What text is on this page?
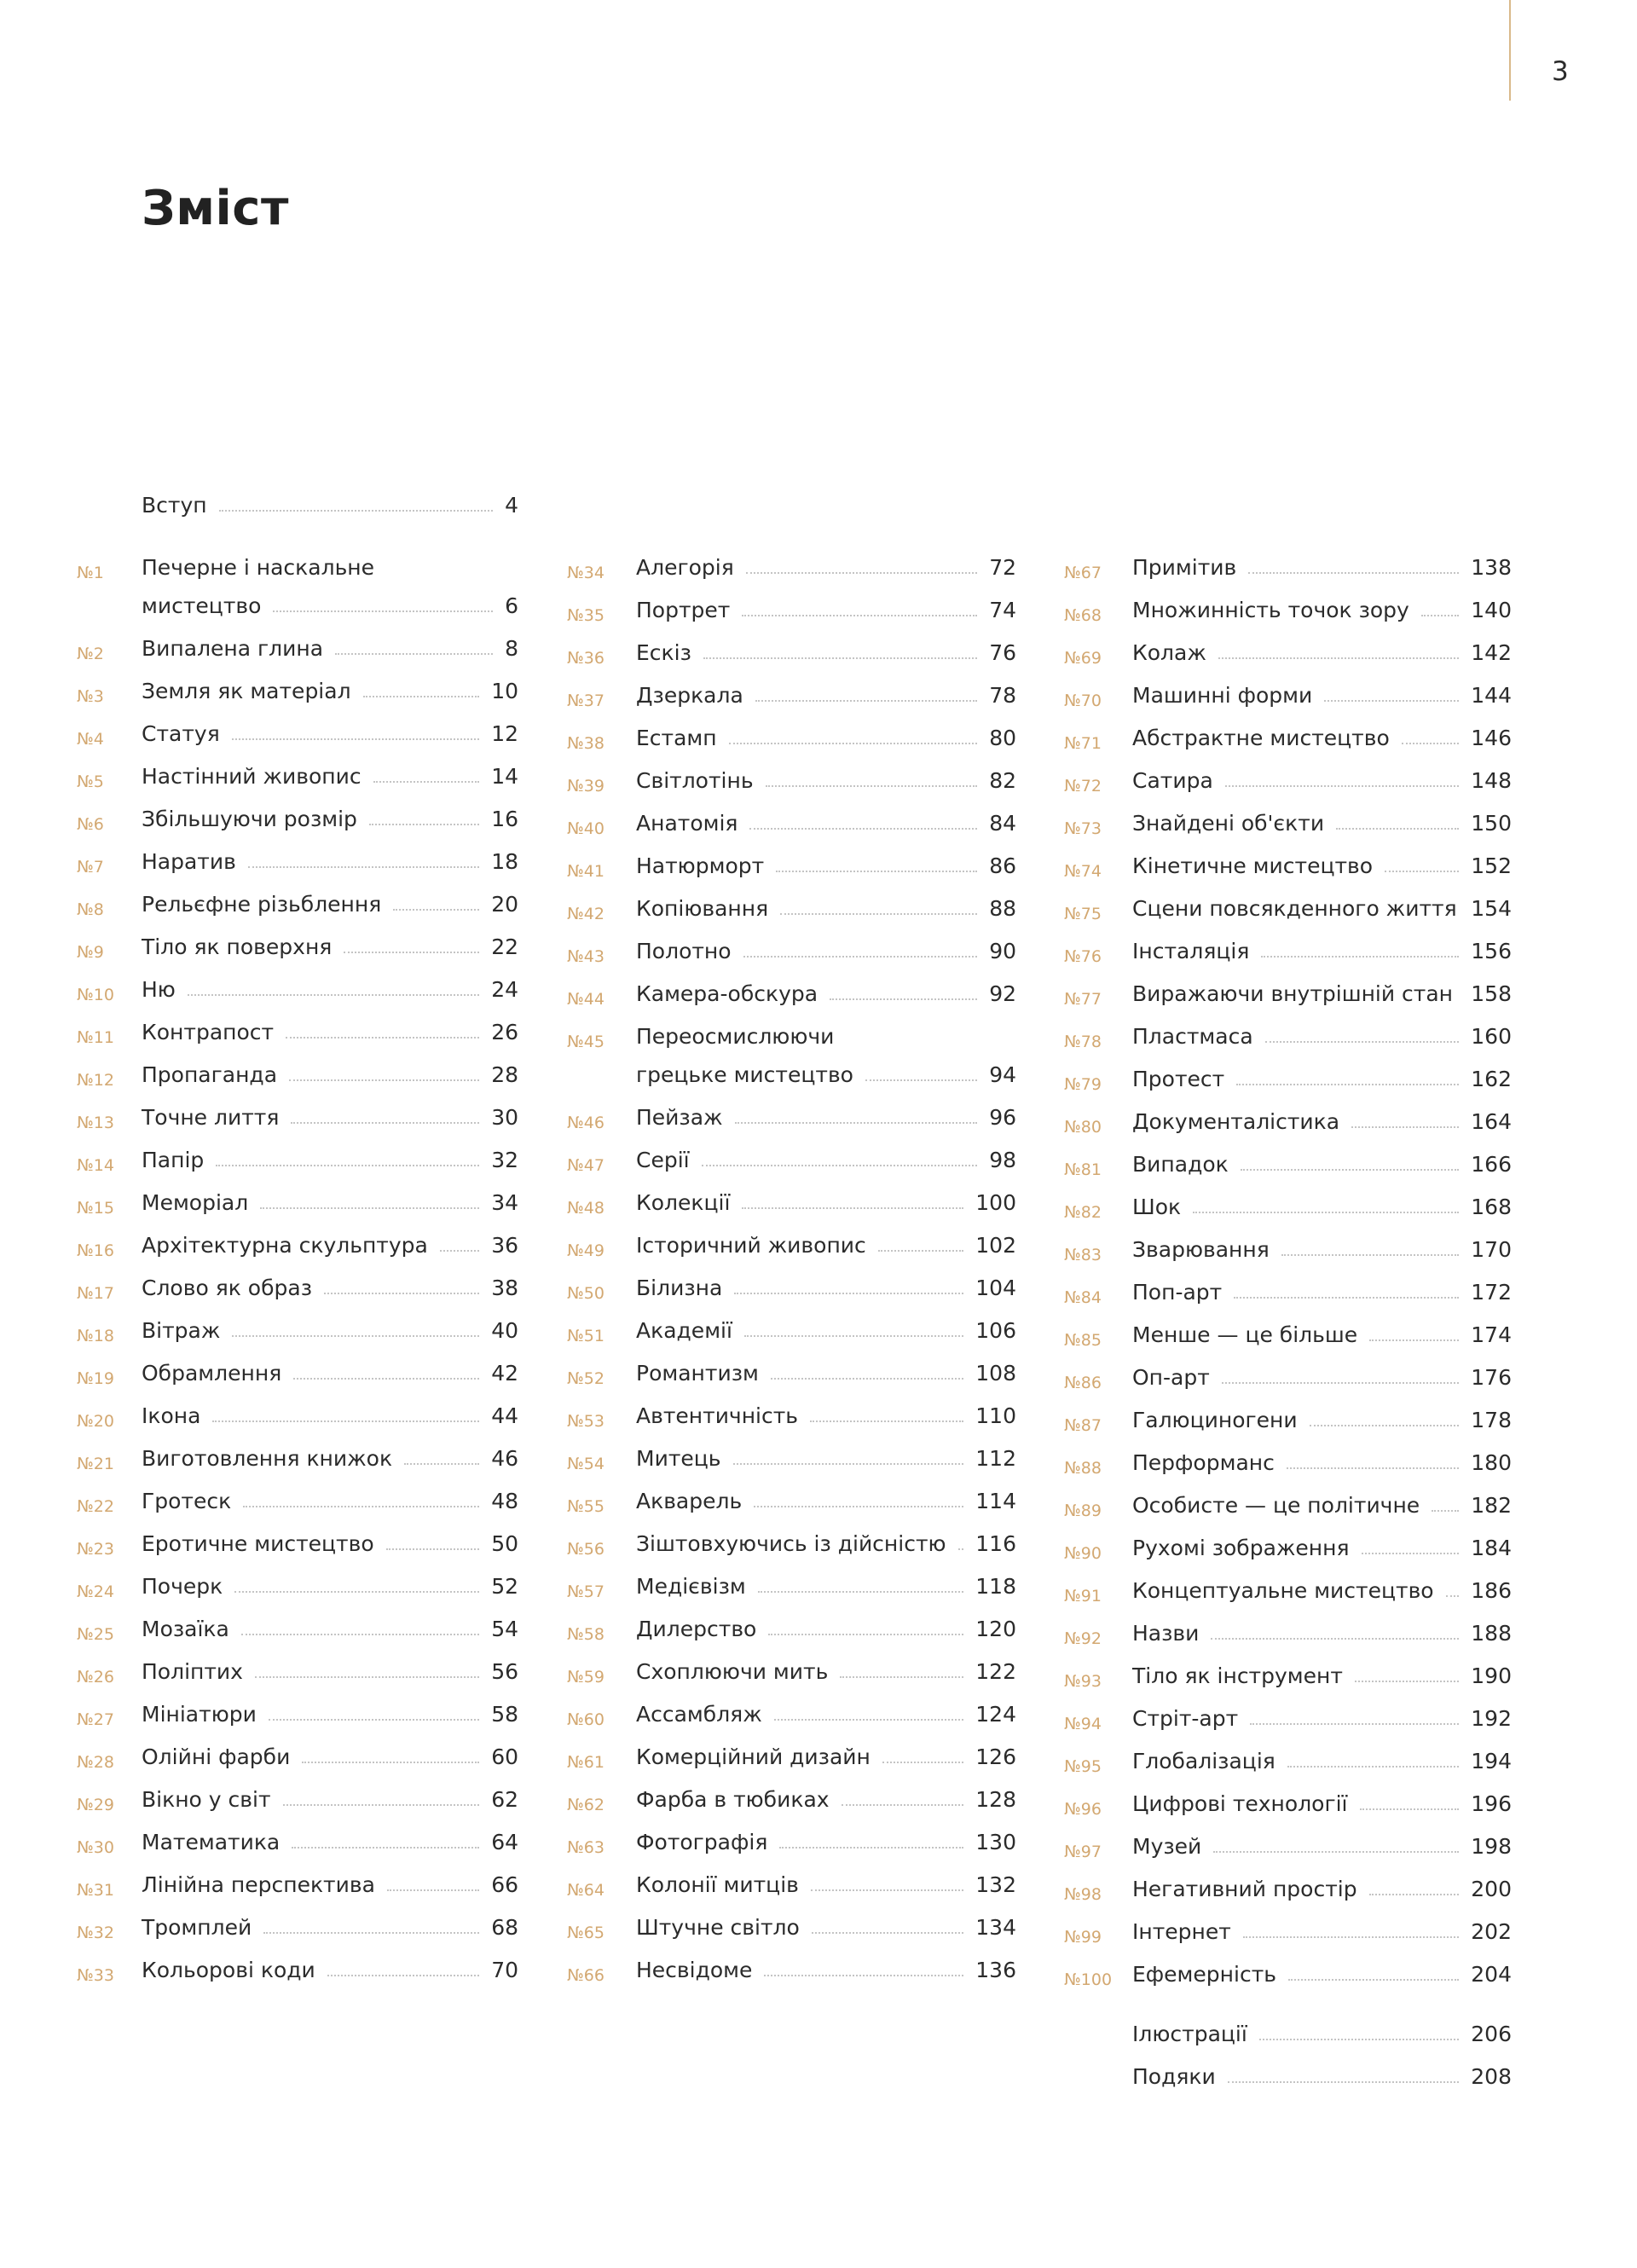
3
Зміст
Вступ	4
№1 Печерне і наскальне
мистецтво	6
№2 Випалена глина	8
№3 Земля як матеріал	10
№4 Статуя	12
№5 Настінний живопис	14
№6 Збільшуючи розмір	16
№7 Наратив	18
№8 Рельєфне різьблення	20
№9 Тіло як поверхня	22
№10 Ню	24
№11 Контрапост	26
№12 Пропаганда	28
№13 Точне лиття	30
№14 Папір	32
№15 Меморіал	34
№16 Архітектурна скульптура	36
№17 Слово як образ	38
№18 Вітраж	40
№19 Обрамлення	42
№20 Ікона	44
№21 Виготовлення книжок	46
№22 Гротеск	48
№23 Еротичне мистецтво	50
№24 Почерк	52
№25 Мозаїка	54
№26 Поліптих	56
№27 Мініатюри	58
№28 Олійні фарби	60
№29 Вікно у світ	62
№30 Математика	64
№31 Лінійна перспектива	66
№32 Тромплей	68
№33 Кольорові коди	70
№34 Алегорія	72
№35 Портрет	74
№36 Ескіз	76
№37 Дзеркала	78
№38 Естамп	80
№39 Світлотінь	82
№40 Анатомія	84
№41 Натюрморт	86
№42 Копіювання	88
№43 Полотно	90
№44 Камера-обскура	92
№45 Переосмислюючи
грецьке мистецтво	94
№46 Пейзаж	96
№47 Серії	98
№48 Колекції	100
№49 Історичний живопис	102
№50 Білизна	104
№51 Академії	106
№52 Романтизм	108
№53 Автентичність	110
№54 Митець	112
№55 Акварель	114
№56 Зіштовхуючись із дійсністю 116
№57 Медієвізм	118
№58 Дилерство	120
№59 Схоплюючи мить	122
№60 Ассамбляж	124
№61 Комерційний дизайн	126
№62 Фарба в тюбиках	128
№63 Фотографія	130
№64 Колонії митців	132
№65 Штучне світло	134
№66 Несвідоме	136
№67 Примітив	138
№68 Множинність точок зору	140
№69 Колаж	142
№70 Машинні форми	144
№71 Абстрактне мистецтво	146
№72 Сатира	148
№73 Знайдені об'єкти	150
№74 Кінетичне мистецтво	152
№75 Сцени повсякденного життя 154
№76 Інсталяція	156
№77 Виражаючи внутрішній стан 158
№78 Пластмаса	160
№79 Протест	162
№80 Документалістика	164
№81 Випадок	166
№82 Шок	168
№83 Зварювання	170
№84 Поп-арт	172
№85 Менше — це більше	174
№86 Оп-арт	176
№87 Галюциногени	178
№88 Перформанс	180
№89 Особисте — це політичне 182
№90 Рухомі зображення	184
№91 Концептуальне мистецтво 186
№92 Назви	188
№93 Тіло як інструмент	190
№94 Стріт-арт	192
№95 Глобалізація	194
№96 Цифрові технології	196
№97 Музей	198
№98 Негативний простір	200
№99 Інтернет	202
№100 Ефемерність	204
Ілюстрації	206
Подяки	208
